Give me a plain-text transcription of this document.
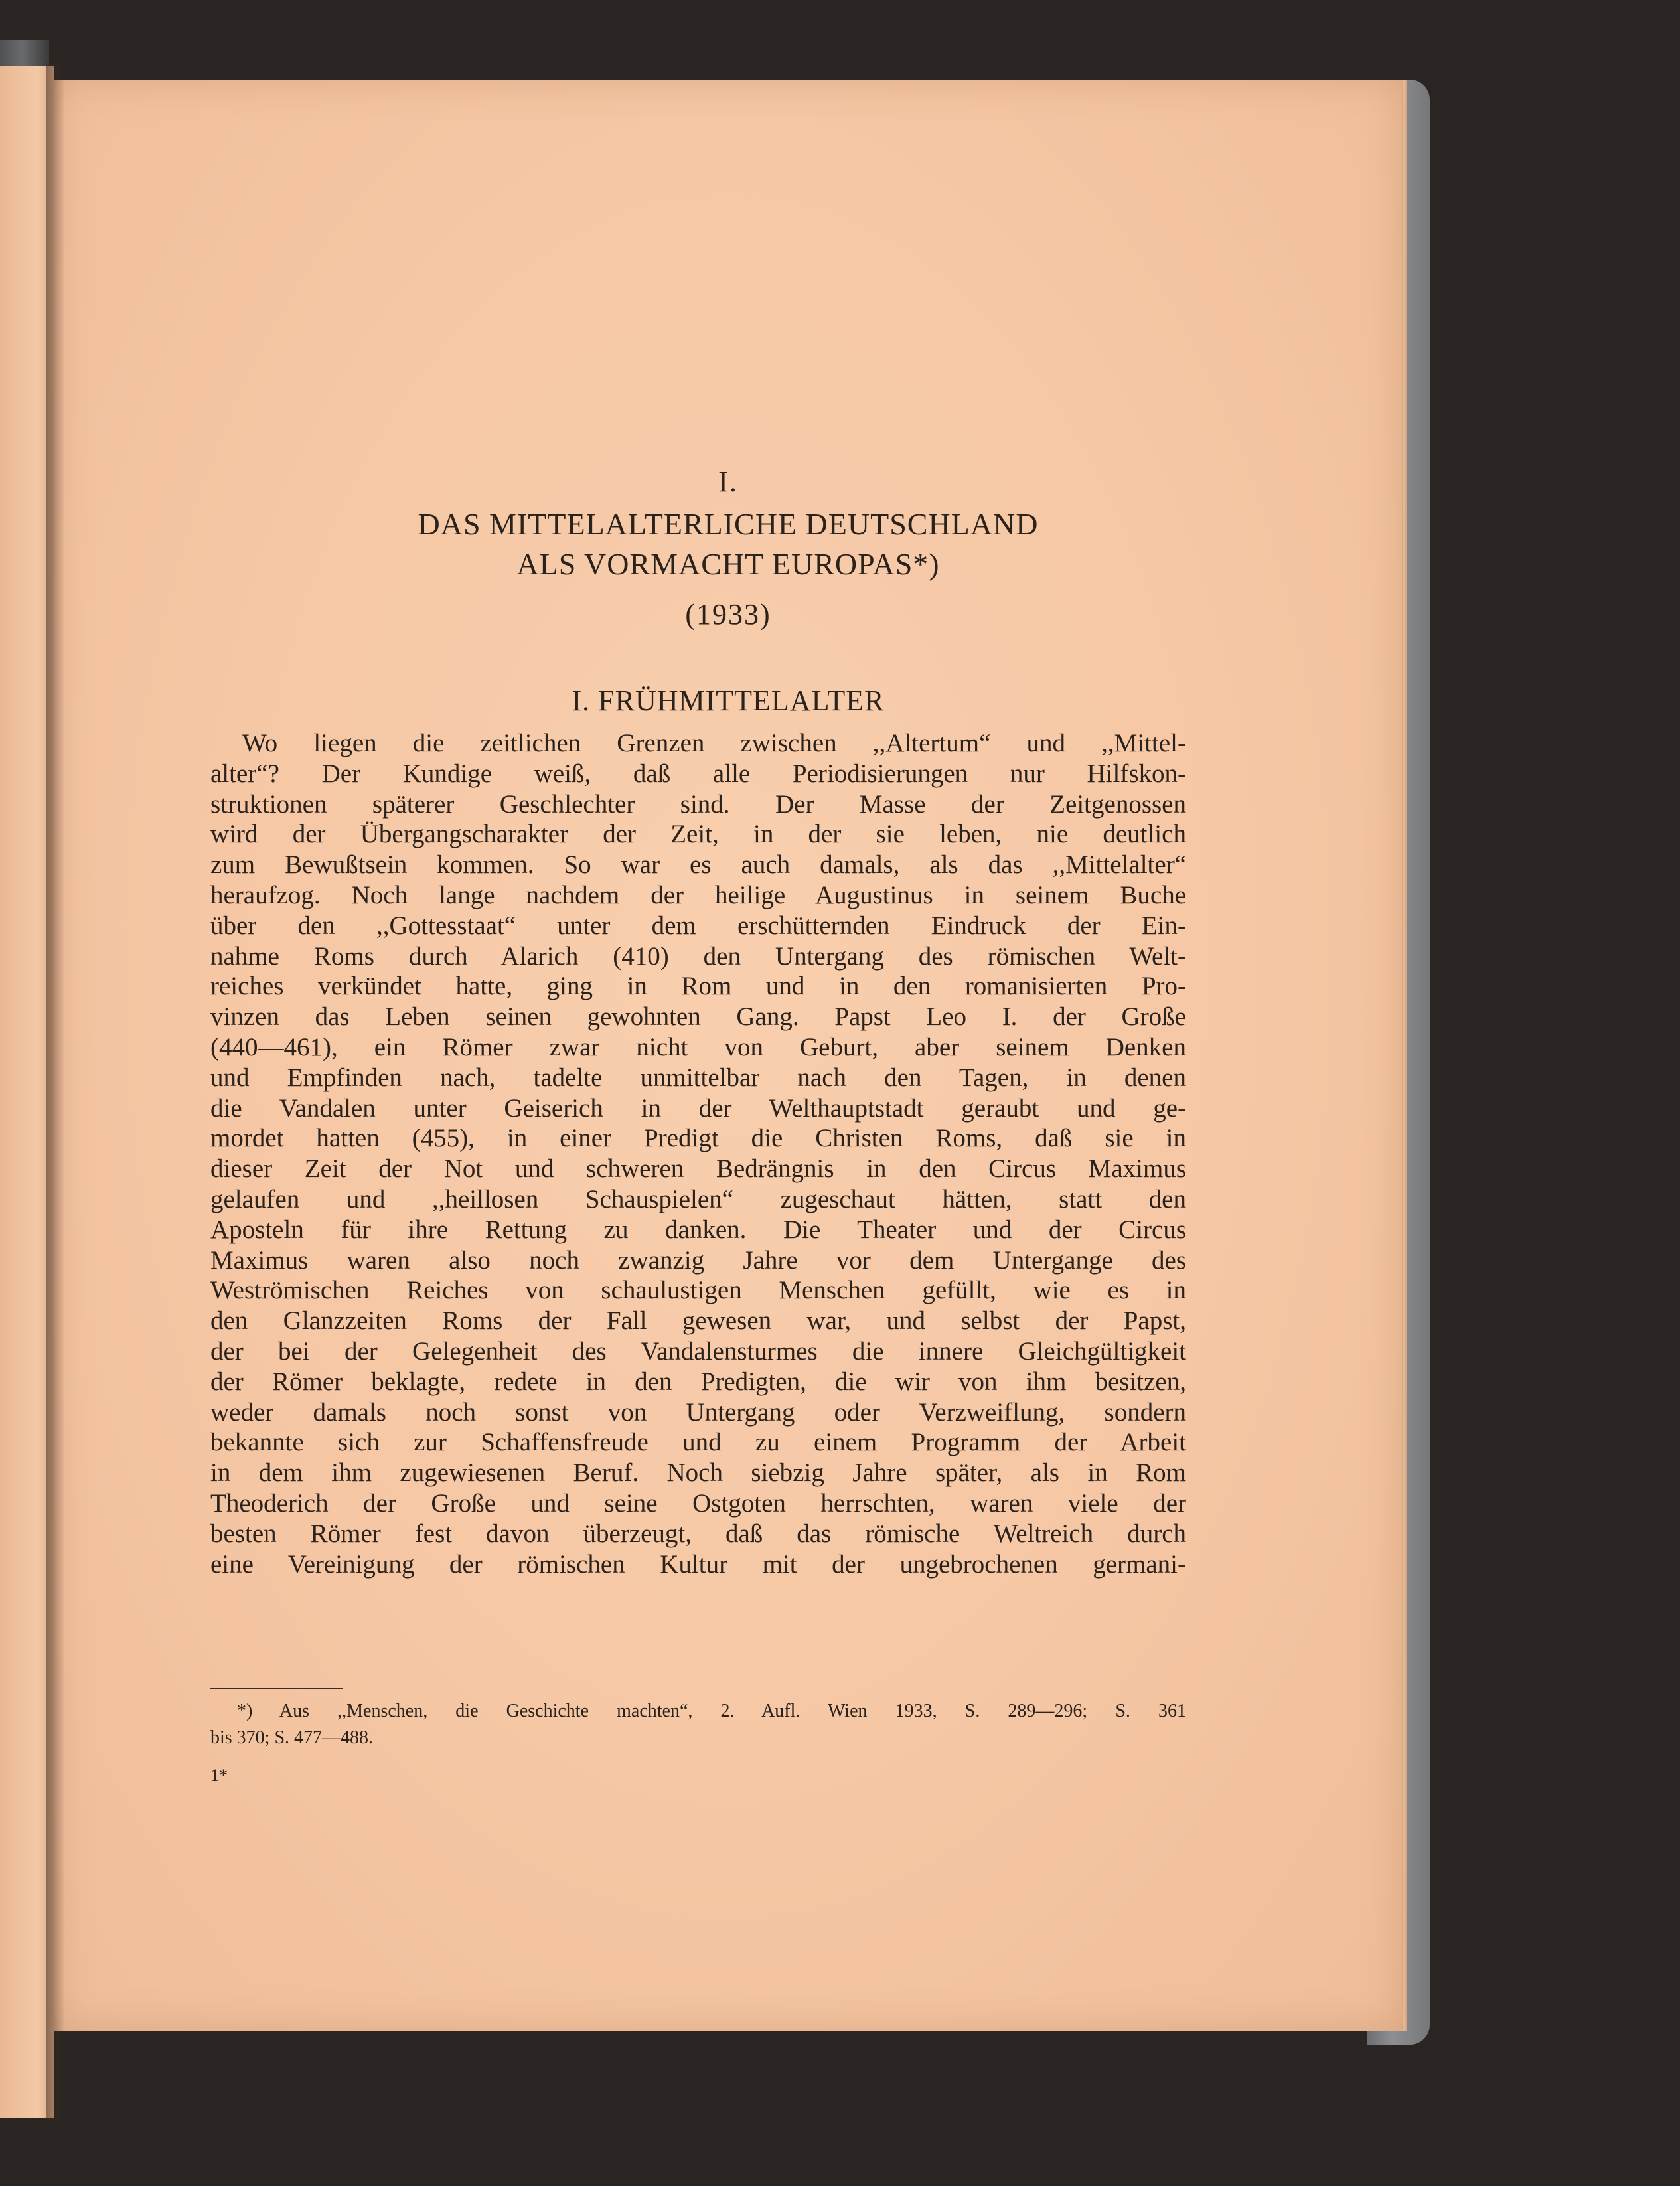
I.
DAS MITTELALTERLICHE DEUTSCHLAND
ALS VORMACHT EUROPAS*)
(1933)
I. FRÜHMITTELALTER
Wo liegen die zeitlichen Grenzen zwischen ,,Altertum“ und ,,Mittel-
alter“? Der Kundige weiß, daß alle Periodisierungen nur Hilfskon-
struktionen späterer Geschlechter sind. Der Masse der Zeitgenossen
wird der Übergangscharakter der Zeit, in der sie leben, nie deutlich
zum Bewußtsein kommen. So war es auch damals, als das ,,Mittelalter“
heraufzog. Noch lange nachdem der heilige Augustinus in seinem Buche
über den ,,Gottesstaat“ unter dem erschütternden Eindruck der Ein-
nahme Roms durch Alarich (410) den Untergang des römischen Welt-
reiches verkündet hatte, ging in Rom und in den romanisierten Pro-
vinzen das Leben seinen gewohnten Gang. Papst Leo I. der Große
(440—461), ein Römer zwar nicht von Geburt, aber seinem Denken
und Empfinden nach, tadelte unmittelbar nach den Tagen, in denen
die Vandalen unter Geiserich in der Welthauptstadt geraubt und ge-
mordet hatten (455), in einer Predigt die Christen Roms, daß sie in
dieser Zeit der Not und schweren Bedrängnis in den Circus Maximus
gelaufen und ,,heillosen Schauspielen“ zugeschaut hätten, statt den
Aposteln für ihre Rettung zu danken. Die Theater und der Circus
Maximus waren also noch zwanzig Jahre vor dem Untergange des
Weströmischen Reiches von schaulustigen Menschen gefüllt, wie es in
den Glanzzeiten Roms der Fall gewesen war, und selbst der Papst,
der bei der Gelegenheit des Vandalensturmes die innere Gleichgültigkeit
der Römer beklagte, redete in den Predigten, die wir von ihm besitzen,
weder damals noch sonst von Untergang oder Verzweiflung, sondern
bekannte sich zur Schaffensfreude und zu einem Programm der Arbeit
in dem ihm zugewiesenen Beruf. Noch siebzig Jahre später, als in Rom
Theoderich der Große und seine Ostgoten herrschten, waren viele der
besten Römer fest davon überzeugt, daß das römische Weltreich durch
eine Vereinigung der römischen Kultur mit der ungebrochenen germani-
*) Aus ,,Menschen, die Geschichte machten“, 2. Aufl. Wien 1933, S. 289—296; S. 361
bis 370; S. 477—488.
1*
